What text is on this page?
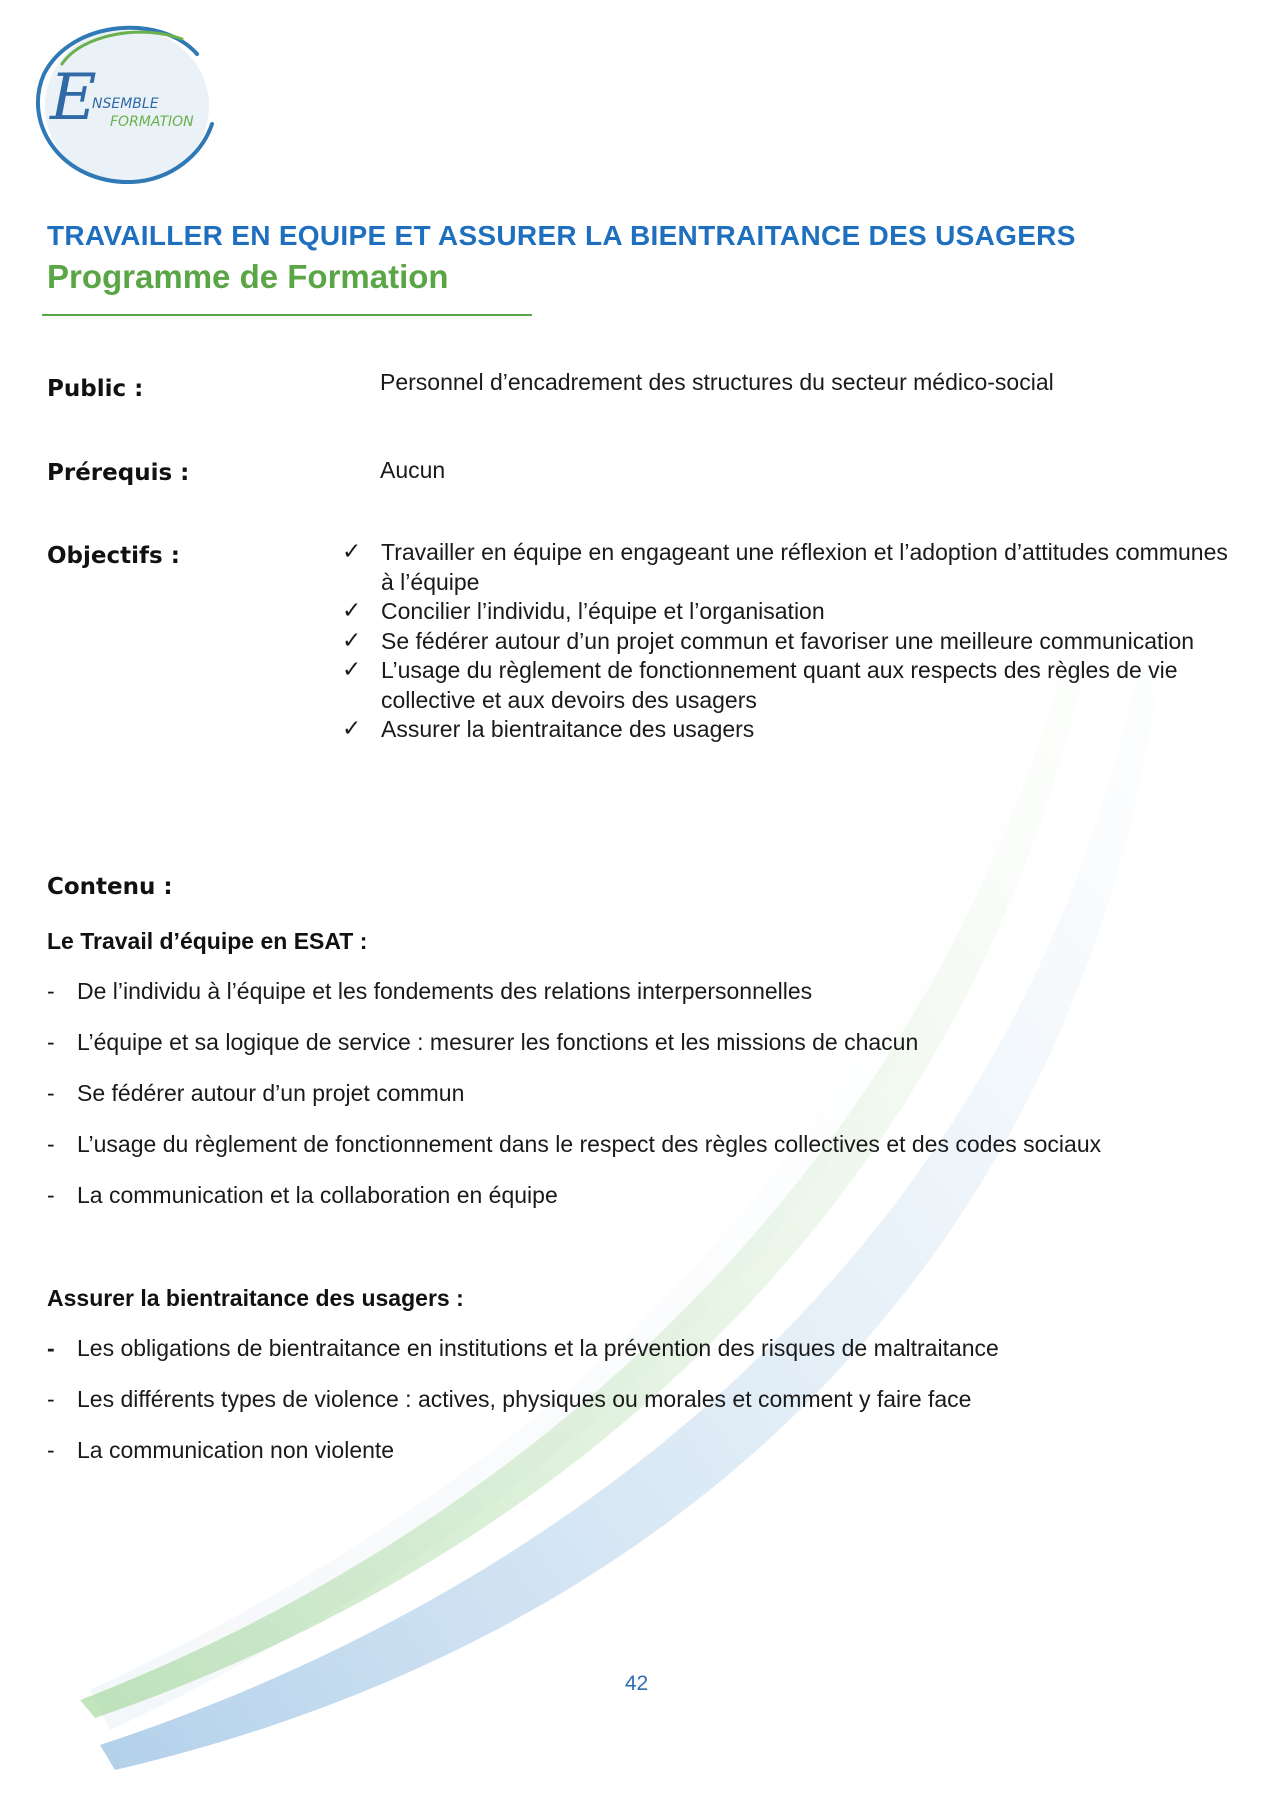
E
NSEMBLE
FORMATION
TRAVAILLER EN EQUIPE ET ASSURER LA BIENTRAITANCE DES USAGERS
Programme de Formation
Public :	Personnel d’encadrement des structures du secteur médico-social
Prérequis :	Aucun
Objectifs :	✓ Travailler en équipe en engageant une réflexion et l’adoption d’attitudes communes à l’équipe
✓ Concilier l’individu, l’équipe et l’organisation
✓ Se fédérer autour d’un projet commun et favoriser une meilleure communication
✓ L’usage du règlement de fonctionnement quant aux respects des règles de vie collective et aux devoirs des usagers
✓ Assurer la bientraitance des usagers
Contenu :
Le Travail d’équipe en ESAT :
- De l’individu à l’équipe et les fondements des relations interpersonnelles
- L’équipe et sa logique de service : mesurer les fonctions et les missions de chacun
- Se fédérer autour d’un projet commun
- L’usage du règlement de fonctionnement dans le respect des règles collectives et des codes sociaux
- La communication et la collaboration en équipe
Assurer la bientraitance des usagers :
- Les obligations de bientraitance en institutions et la prévention des risques de maltraitance
- Les différents types de violence : actives, physiques ou morales et comment y faire face
- La communication non violente
42
